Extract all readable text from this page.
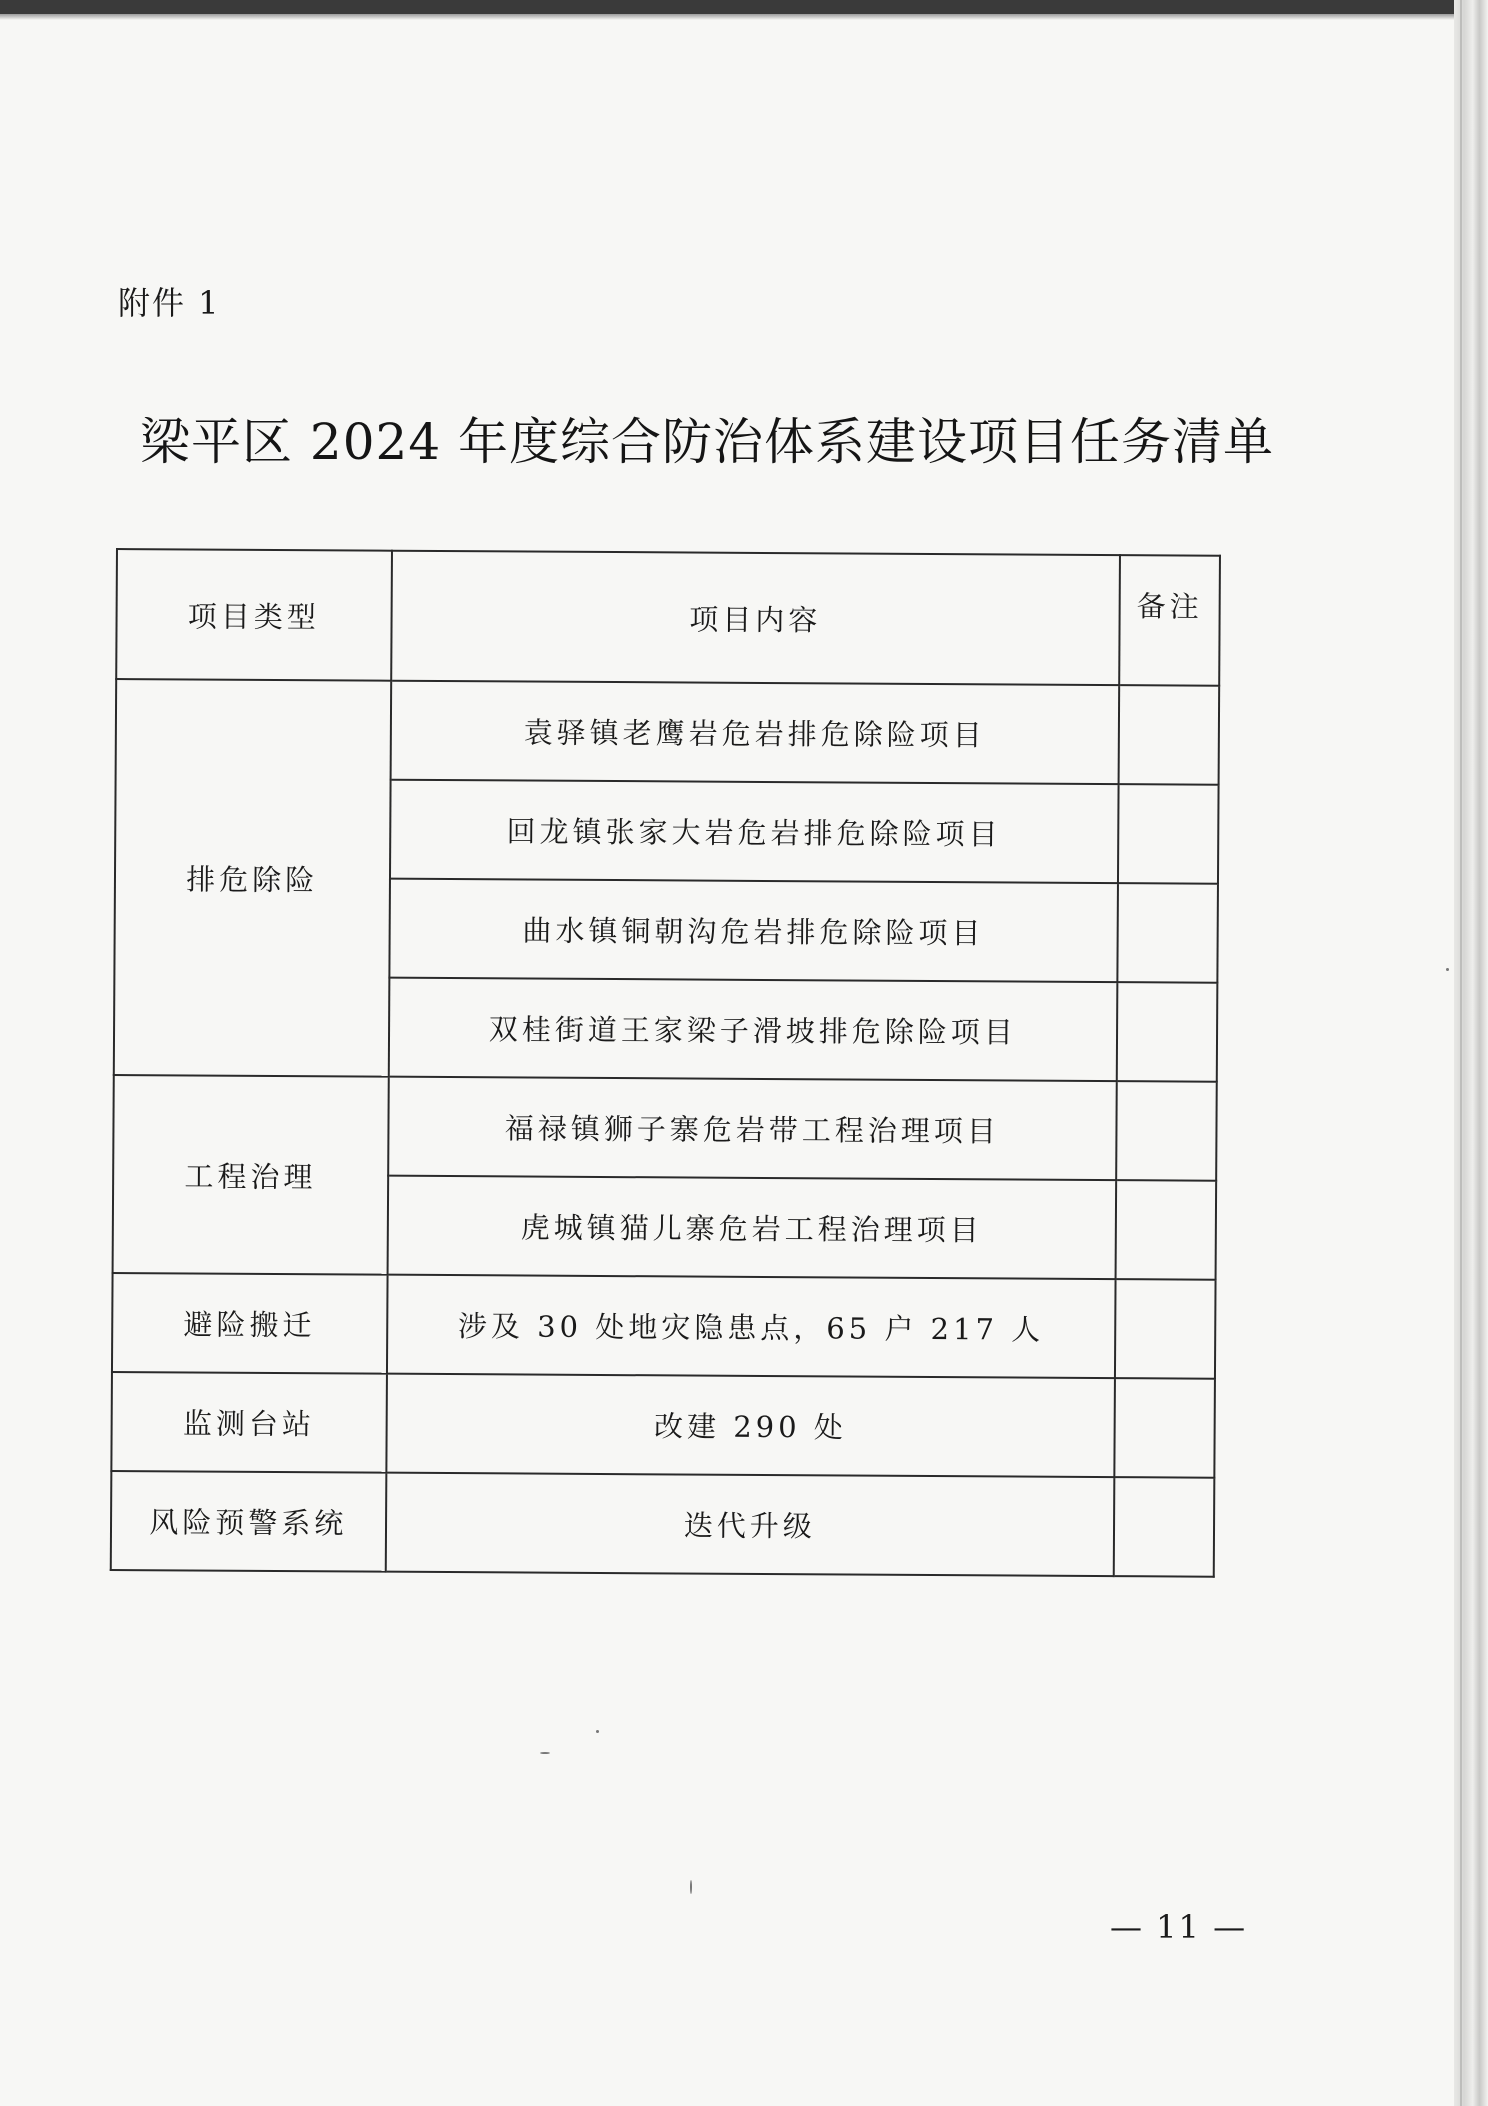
附件 1
梁平区 2024 年度综合防治体系建设项目任务清单
项目类型	项目内容	备注
排危除险	袁驿镇老鹰岩危岩排危除险项目	
	回龙镇张家大岩危岩排危除险项目	
	曲水镇铜朝沟危岩排危除险项目	
	双桂街道王家梁子滑坡排危除险项目	
工程治理	福禄镇狮子寨危岩带工程治理项目	
	虎城镇猫儿寨危岩工程治理项目	
避险搬迁	涉及 30 处地灾隐患点，65 户 217 人	
监测台站	改建 290 处	
风险预警系统	迭代升级	
— 11 —
